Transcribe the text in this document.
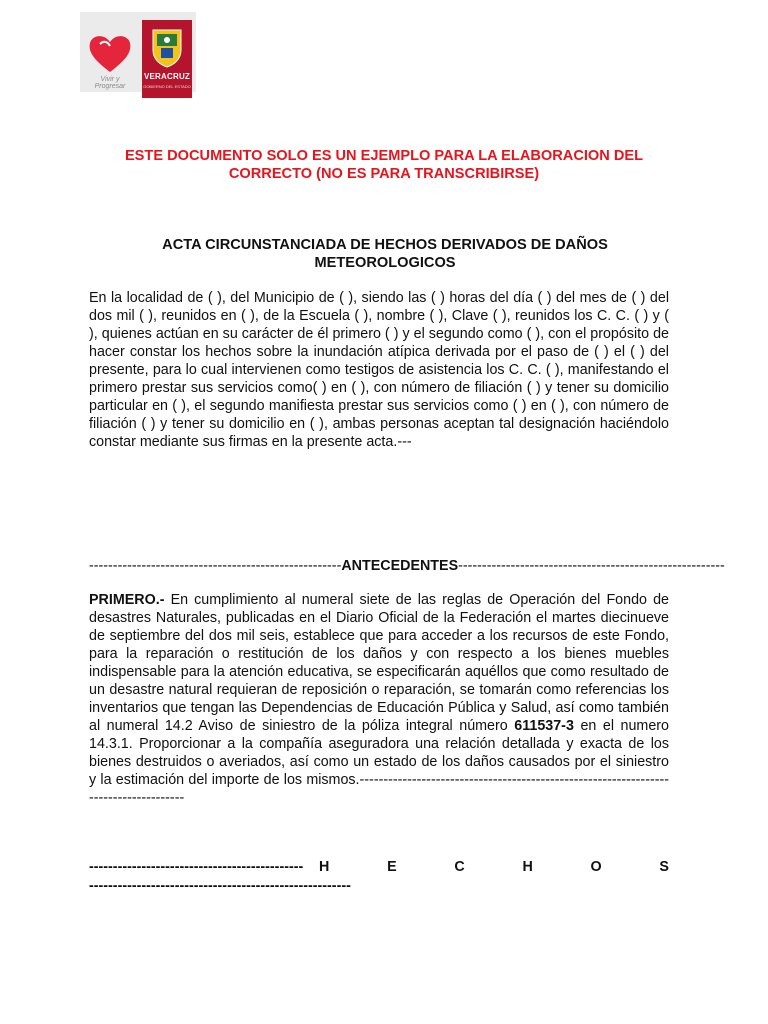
Vivir y
Progresar
VERACRUZ
GOBIERNO DEL ESTADO

ESTE DOCUMENTO SOLO ES UN EJEMPLO PARA LA ELABORACION DEL CORRECTO (NO ES PARA TRANSCRIBIRSE)

ACTA CIRCUNSTANCIADA DE HECHOS DERIVADOS DE DAÑOS METEOROLOGICOS

En la localidad de ( ), del Municipio de ( ), siendo las ( ) horas del día ( ) del mes de ( ) del dos mil ( ), reunidos en ( ), de la Escuela ( ), nombre ( ), Clave ( ), reunidos los C. C. ( ) y ( ), quienes actúan en su carácter de él primero ( ) y el segundo como ( ), con el propósito de hacer constar los hechos sobre la inundación atípica derivada por el paso de ( ) el ( ) del presente, para lo cual intervienen como testigos de asistencia los C. C. ( ), manifestando el primero prestar sus servicios como( ) en ( ), con número de filiación ( ) y tener su domicilio particular en ( ), el segundo manifiesta prestar sus servicios como ( ) en ( ), con número de filiación ( ) y tener su domicilio en ( ), ambas personas aceptan tal designación haciéndolo constar mediante sus firmas en la presente acta.---

-----------------------------------------------------ANTECEDENTES--------------------------------------------------------

PRIMERO.- En cumplimiento al numeral siete de las reglas de Operación del Fondo de desastres Naturales, publicadas en el Diario Oficial de la Federación el martes diecinueve de septiembre del dos mil seis, establece que para acceder a los recursos de este Fondo, para la reparación o restitución de los daños y con respecto a los bienes muebles indispensable para la atención educativa, se especificarán aquéllos que como resultado de un desastre natural requieran de reposición o reparación, se tomarán como referencias los inventarios que tengan las Dependencias de Educación Pública y Salud, así como también al numeral 14.2 Aviso de siniestro de la póliza integral número 611537-3 en el numero 14.3.1. Proporcionar a la compañía aseguradora una relación detallada y exacta de los bienes destruidos o averiados, así como un estado de los daños causados por el siniestro y la estimación del importe de los mismos.-------------------------------------------------------------------------------------

--------------------------------------------- H	E	C	H	O	S

-------------------------------------------------------
